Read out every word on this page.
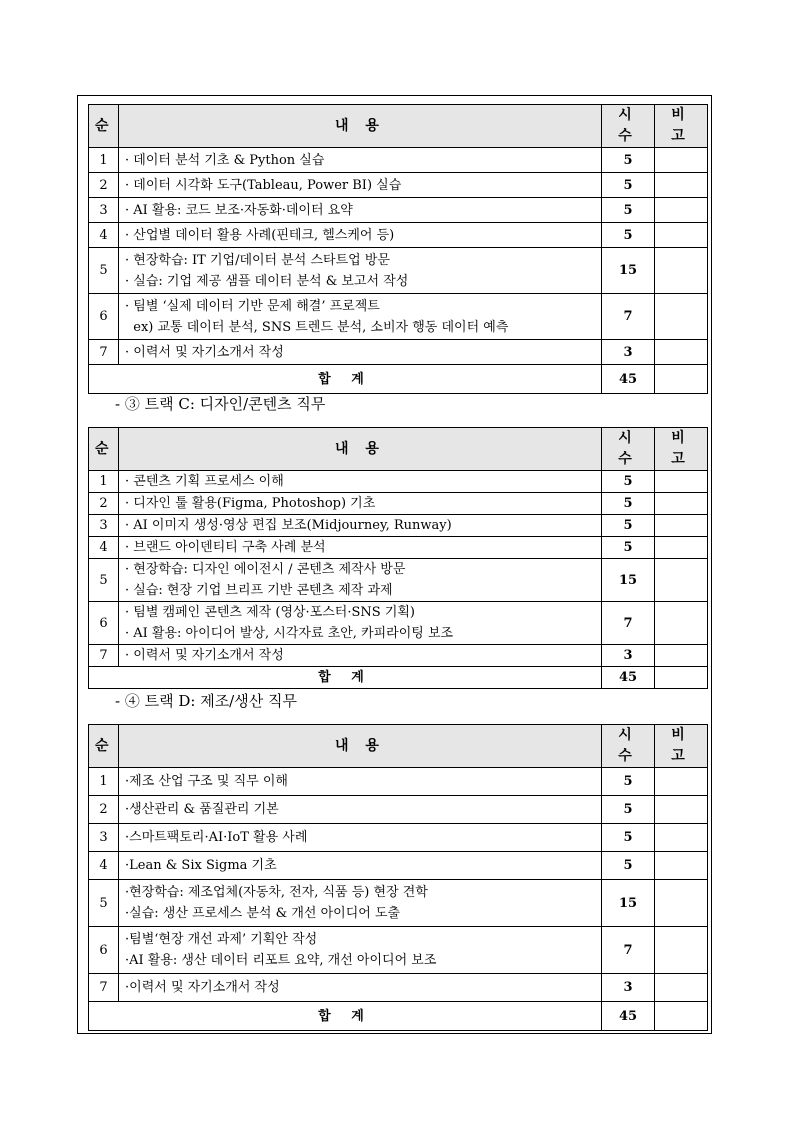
순	내 용	시 수	비 고
1	· 데이터 분석 기초 & Python 실습	5	
2	· 데이터 시각화 도구(Tableau, Power BI) 실습	5	
3	· AI 활용: 코드 보조·자동화·데이터 요약	5	
4	· 산업별 데이터 활용 사례(핀테크, 헬스케어 등)	5	
5	· 현장학습: IT 기업/데이터 분석 스타트업 방문
· 실습: 기업 제공 샘플 데이터 분석 & 보고서 작성	15	
6	· 팀별 ‘실제 데이터 기반 문제 해결’ 프로젝트
ex) 교통 데이터 분석, SNS 트렌드 분석, 소비자 행동 데이터 예측	7	
7	· 이력서 및 자기소개서 작성	3	
합 계		45	
- ③ 트랙 C: 디자인/콘텐츠 직무
순	내 용	시 수	비 고
1	· 콘텐츠 기획 프로세스 이해	5	
2	· 디자인 툴 활용(Figma, Photoshop) 기초	5	
3	· AI 이미지 생성·영상 편집 보조(Midjourney, Runway)	5	
4	· 브랜드 아이덴티티 구축 사례 분석	5	
5	· 현장학습: 디자인 에이전시 / 콘텐츠 제작사 방문
· 실습: 현장 기업 브리프 기반 콘텐츠 제작 과제	15	
6	· 팀별 캠페인 콘텐츠 제작 (영상·포스터·SNS 기획)
· AI 활용: 아이디어 발상, 시각자료 초안, 카피라이팅 보조	7	
7	· 이력서 및 자기소개서 작성	3	
합 계		45	
- ④ 트랙 D: 제조/생산 직무
순	내 용	시 수	비 고
1	·제조 산업 구조 및 직무 이해	5	
2	·생산관리 & 품질관리 기본	5	
3	·스마트팩토리·AI·IoT 활용 사례	5	
4	·Lean & Six Sigma 기초	5	
5	·현장학습: 제조업체(자동차, 전자, 식품 등) 현장 견학
·실습: 생산 프로세스 분석 & 개선 아이디어 도출	15	
6	·팀별‘현장 개선 과제’ 기획안 작성
·AI 활용: 생산 데이터 리포트 요약, 개선 아이디어 보조	7	
7	·이력서 및 자기소개서 작성	3	
합 계		45	
